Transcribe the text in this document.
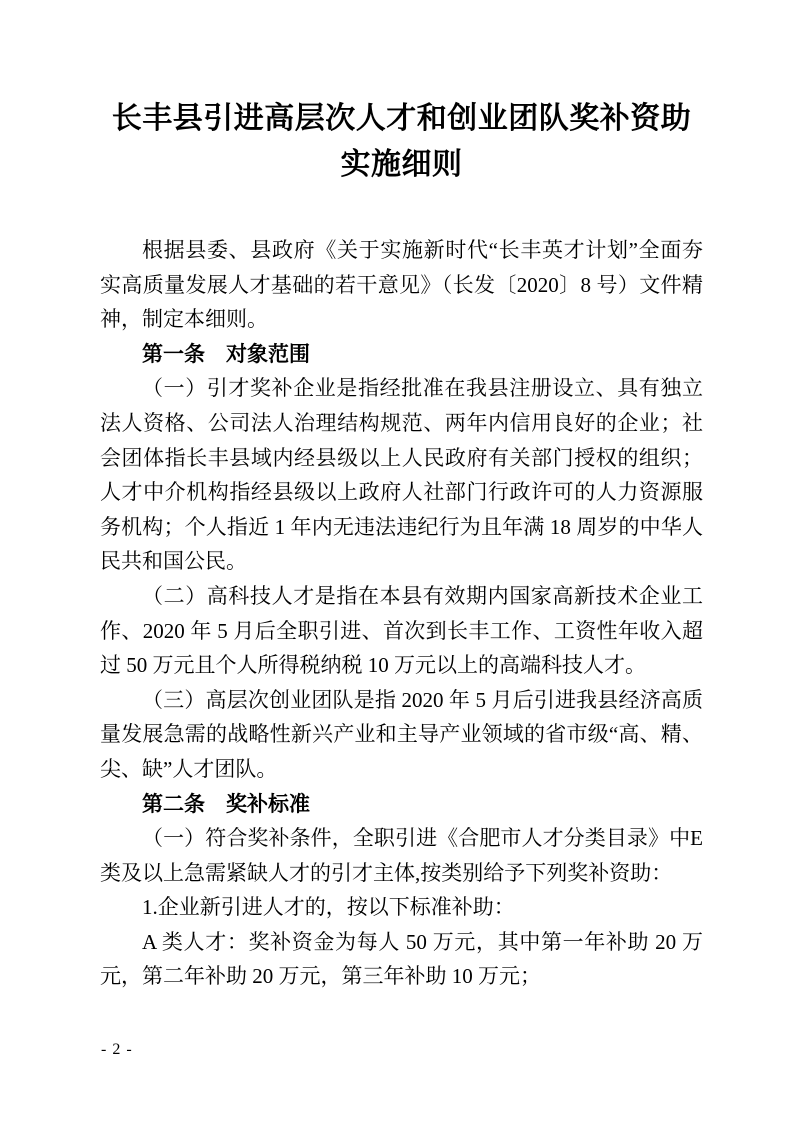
长丰县引进高层次人才和创业团队奖补资助
实施细则

根据县委、县政府《关于实施新时代“长丰英才计划”全面夯实高质量发展人才基础的若干意见》（长发〔2020〕8 号）文件精神，制定本细则。

第一条　对象范围

（一）引才奖补企业是指经批准在我县注册设立、具有独立法人资格、公司法人治理结构规范、两年内信用良好的企业；社会团体指长丰县域内经县级以上人民政府有关部门授权的组织；人才中介机构指经县级以上政府人社部门行政许可的人力资源服务机构；个人指近 1 年内无违法违纪行为且年满 18 周岁的中华人民共和国公民。

（二）高科技人才是指在本县有效期内国家高新技术企业工作、2020 年 5 月后全职引进、首次到长丰工作、工资性年收入超过 50 万元且个人所得税纳税 10 万元以上的高端科技人才。

（三）高层次创业团队是指 2020 年 5 月后引进我县经济高质量发展急需的战略性新兴产业和主导产业领域的省市级“高、精、尖、缺”人才团队。

第二条　奖补标准

（一）符合奖补条件，全职引进《合肥市人才分类目录》中E类及以上急需紧缺人才的引才主体,按类别给予下列奖补资助：

1.企业新引进人才的，按以下标准补助：

A 类人才：奖补资金为每人 50 万元，其中第一年补助 20 万元，第二年补助 20 万元，第三年补助 10 万元；

- 2 -
